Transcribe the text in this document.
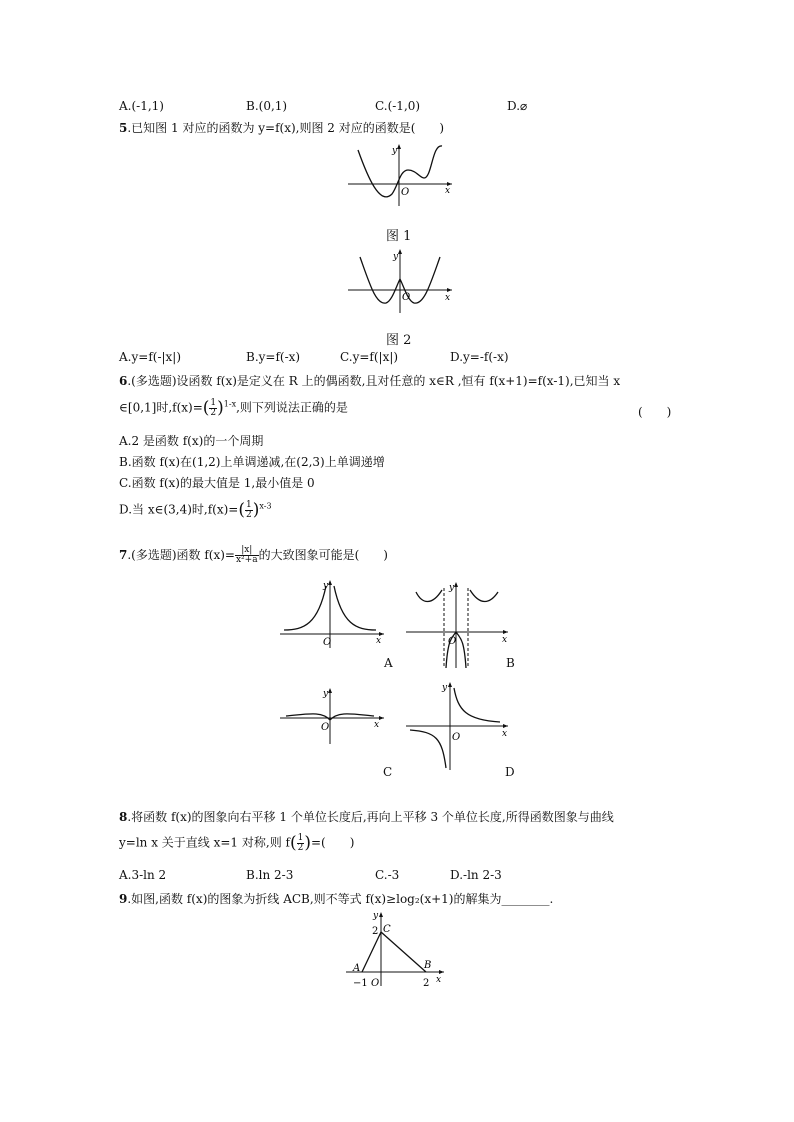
A.(-1,1)	B.(0,1)	C.(-1,0)	D.⌀
5.已知图 1 对应的函数为 y=f(x),则图 2 对应的函数是(　　)
y
x
O
图 1
y
x
O
图 2
A.y=f(-|x|)	B.y=f(-x)	C.y=f(|x|)	D.y=-f(-x)
6.(多选题)设函数 f(x)是定义在 R 上的偶函数,且对任意的 x∈R ,恒有 f(x+1)=f(x-1),已知当 x
∈[0,1]时$,f(x)=( \frac{1}{2} )^{1-x}$,则下列说法正确的是	(　　)
A.2 是函数 f(x)的一个周期
B.函数 f(x)在(1,2)上单调递减,在(2,3)上单调递增
C.函数 f(x)的最大值是 1,最小值是 0
D.当 x∈(3,4)时$,f(x)=( \frac{1}{2} )^{x-3}$
7.(多选题)函数 $f(x)= \frac{|x|}{\text{x²+a}}$ 的大致图象可能是(　　)
y
x
O
A
y
x
O
B
y
x
O
C
y
x
O
D
8.将函数 f(x)的图象向右平移 1 个单位长度后,再向上平移 3 个单位长度,所得函数图象与曲线
y=ln x 关于直线 x=1 对称,则 $f( \frac{1}{2}$ )=(　　)
A.3-ln 2	B.ln 2-3	C.-3	D.-ln 2-3
9.如图,函数 f(x)的图象为折线 ACB,则不等式 f(x)≥log₂(x+1)的解集为________.
y
x
O
2 C
A	B
−1	2
